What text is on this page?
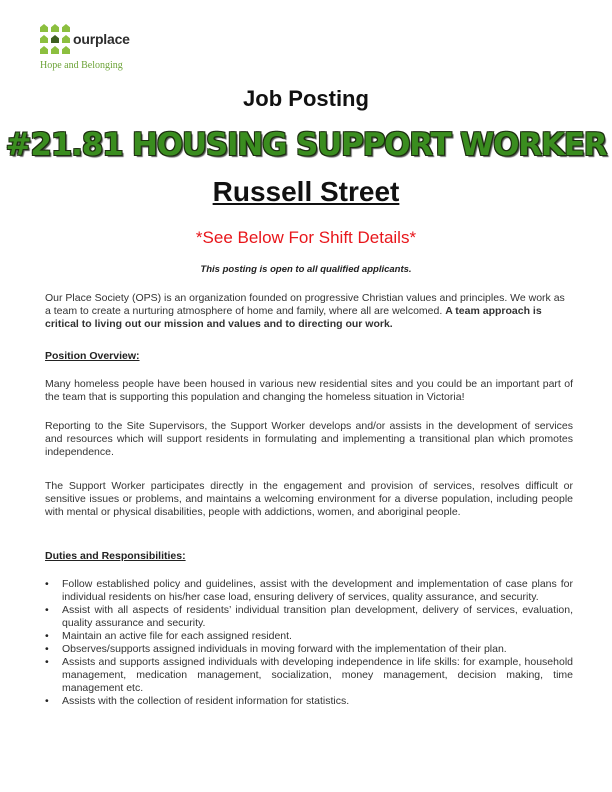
ourplace
Hope and Belonging
Job Posting
#21.81 HOUSING SUPPORT WORKER
Russell Street
*See Below For Shift Details*
This posting is open to all qualified applicants.
Our Place Society (OPS) is an organization founded on progressive Christian values and principles. We work as a team to create a nurturing atmosphere of home and family, where all are welcomed. A team approach is critical to living out our mission and values and to directing our work.
Position Overview:
Many homeless people have been housed in various new residential sites and you could be an important part of the team that is supporting this population and changing the homeless situation in Victoria!
Reporting to the Site Supervisors, the Support Worker develops and/or assists in the development of services and resources which will support residents in formulating and implementing a transitional plan which promotes independence.
The Support Worker participates directly in the engagement and provision of services, resolves difficult or sensitive issues or problems, and maintains a welcoming environment for a diverse population, including people with mental or physical disabilities, people with addictions, women, and aboriginal people.
Duties and Responsibilities:
• Follow established policy and guidelines, assist with the development and implementation of case plans for individual residents on his/her case load, ensuring delivery of services, quality assurance, and security.
• Assist with all aspects of residents’ individual transition plan development, delivery of services, evaluation, quality assurance and security.
• Maintain an active file for each assigned resident.
• Observes/supports assigned individuals in moving forward with the implementation of their plan.
• Assists and supports assigned individuals with developing independence in life skills: for example, household management, medication management, socialization, money management, decision making, time management etc.
• Assists with the collection of resident information for statistics.
